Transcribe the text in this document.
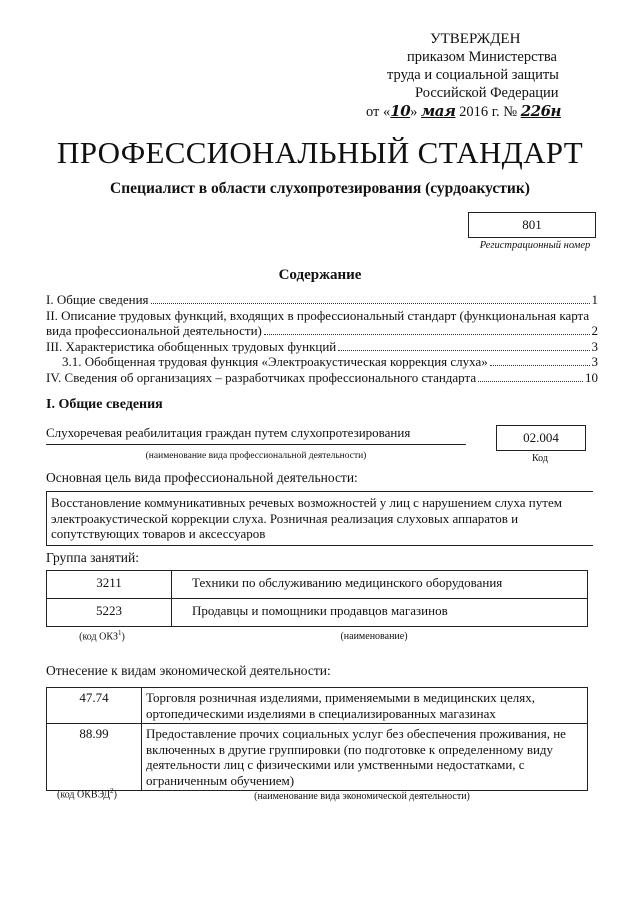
УТВЕРЖДЕН
приказом Министерства
труда и социальной защиты
Российской Федерации
от «10» мая 2016 г. № 226н
ПРОФЕССИОНАЛЬНЫЙ СТАНДАРТ
Специалист в области слухопротезирования (сурдоакустик)
801
Регистрационный номер
Содержание
I. Общие сведения	1
II. Описание трудовых функций, входящих в профессиональный стандарт (функциональная карта
вида профессиональной деятельности)	2
III. Характеристика обобщенных трудовых функций	3
3.1. Обобщенная трудовая функция «Электроакустическая коррекция слуха»	3
IV. Сведения об организациях – разработчиках профессионального стандарта	10
I. Общие сведения
Слухоречевая реабилитация граждан путем слухопротезирования
(наименование вида профессиональной деятельности)
02.004
Код
Основная цель вида профессиональной деятельности:
Восстановление коммуникативных речевых возможностей у лиц с нарушением слуха путем электроакустической коррекции слуха. Розничная реализация слуховых аппаратов и сопутствующих товаров и аксессуаров
Группа занятий:
3211	Техники по обслуживанию медицинского оборудования
5223	Продавцы и помощники продавцов магазинов
(код ОКЗ$^1$)	(наименование)
Отнесение к видам экономической деятельности:
47.74	Торговля розничная изделиями, применяемыми в медицинских целях, ортопедическими изделиями в специализированных магазинах
88.99	Предоставление прочих социальных услуг без обеспечения проживания, не включенных в другие группировки (по подготовке к определенному виду деятельности лиц с физическими или умственными недостатками, с ограниченным обучением)
(код ОКВЭД$^2$)	(наименование вида экономической деятельности)
